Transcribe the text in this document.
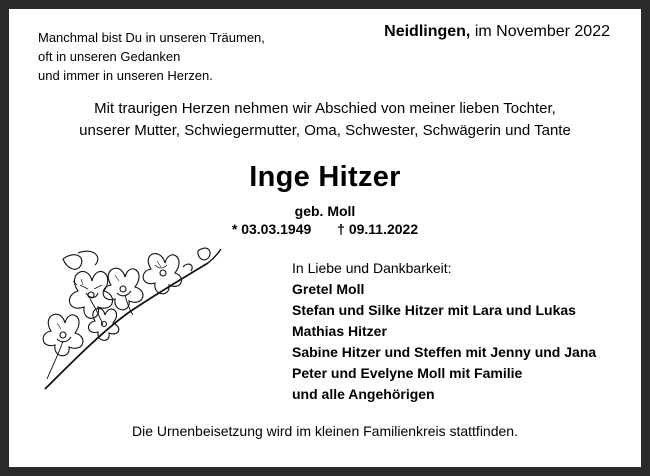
Manchmal bist Du in unseren Träumen,
oft in unseren Gedanken
und immer in unseren Herzen.
Neidlingen, im November 2022
Mit traurigen Herzen nehmen wir Abschied von meiner lieben Tochter,
unserer Mutter, Schwiegermutter, Oma, Schwester, Schwägerin und Tante
Inge Hitzer
geb. Moll
* 03.03.1949 † 09.11.2022
In Liebe und Dankbarkeit:
Gretel Moll
Stefan und Silke Hitzer mit Lara und Lukas
Mathias Hitzer
Sabine Hitzer und Steffen mit Jenny und Jana
Peter und Evelyne Moll mit Familie
und alle Angehörigen
Die Urnenbeisetzung wird im kleinen Familienkreis stattfinden.
